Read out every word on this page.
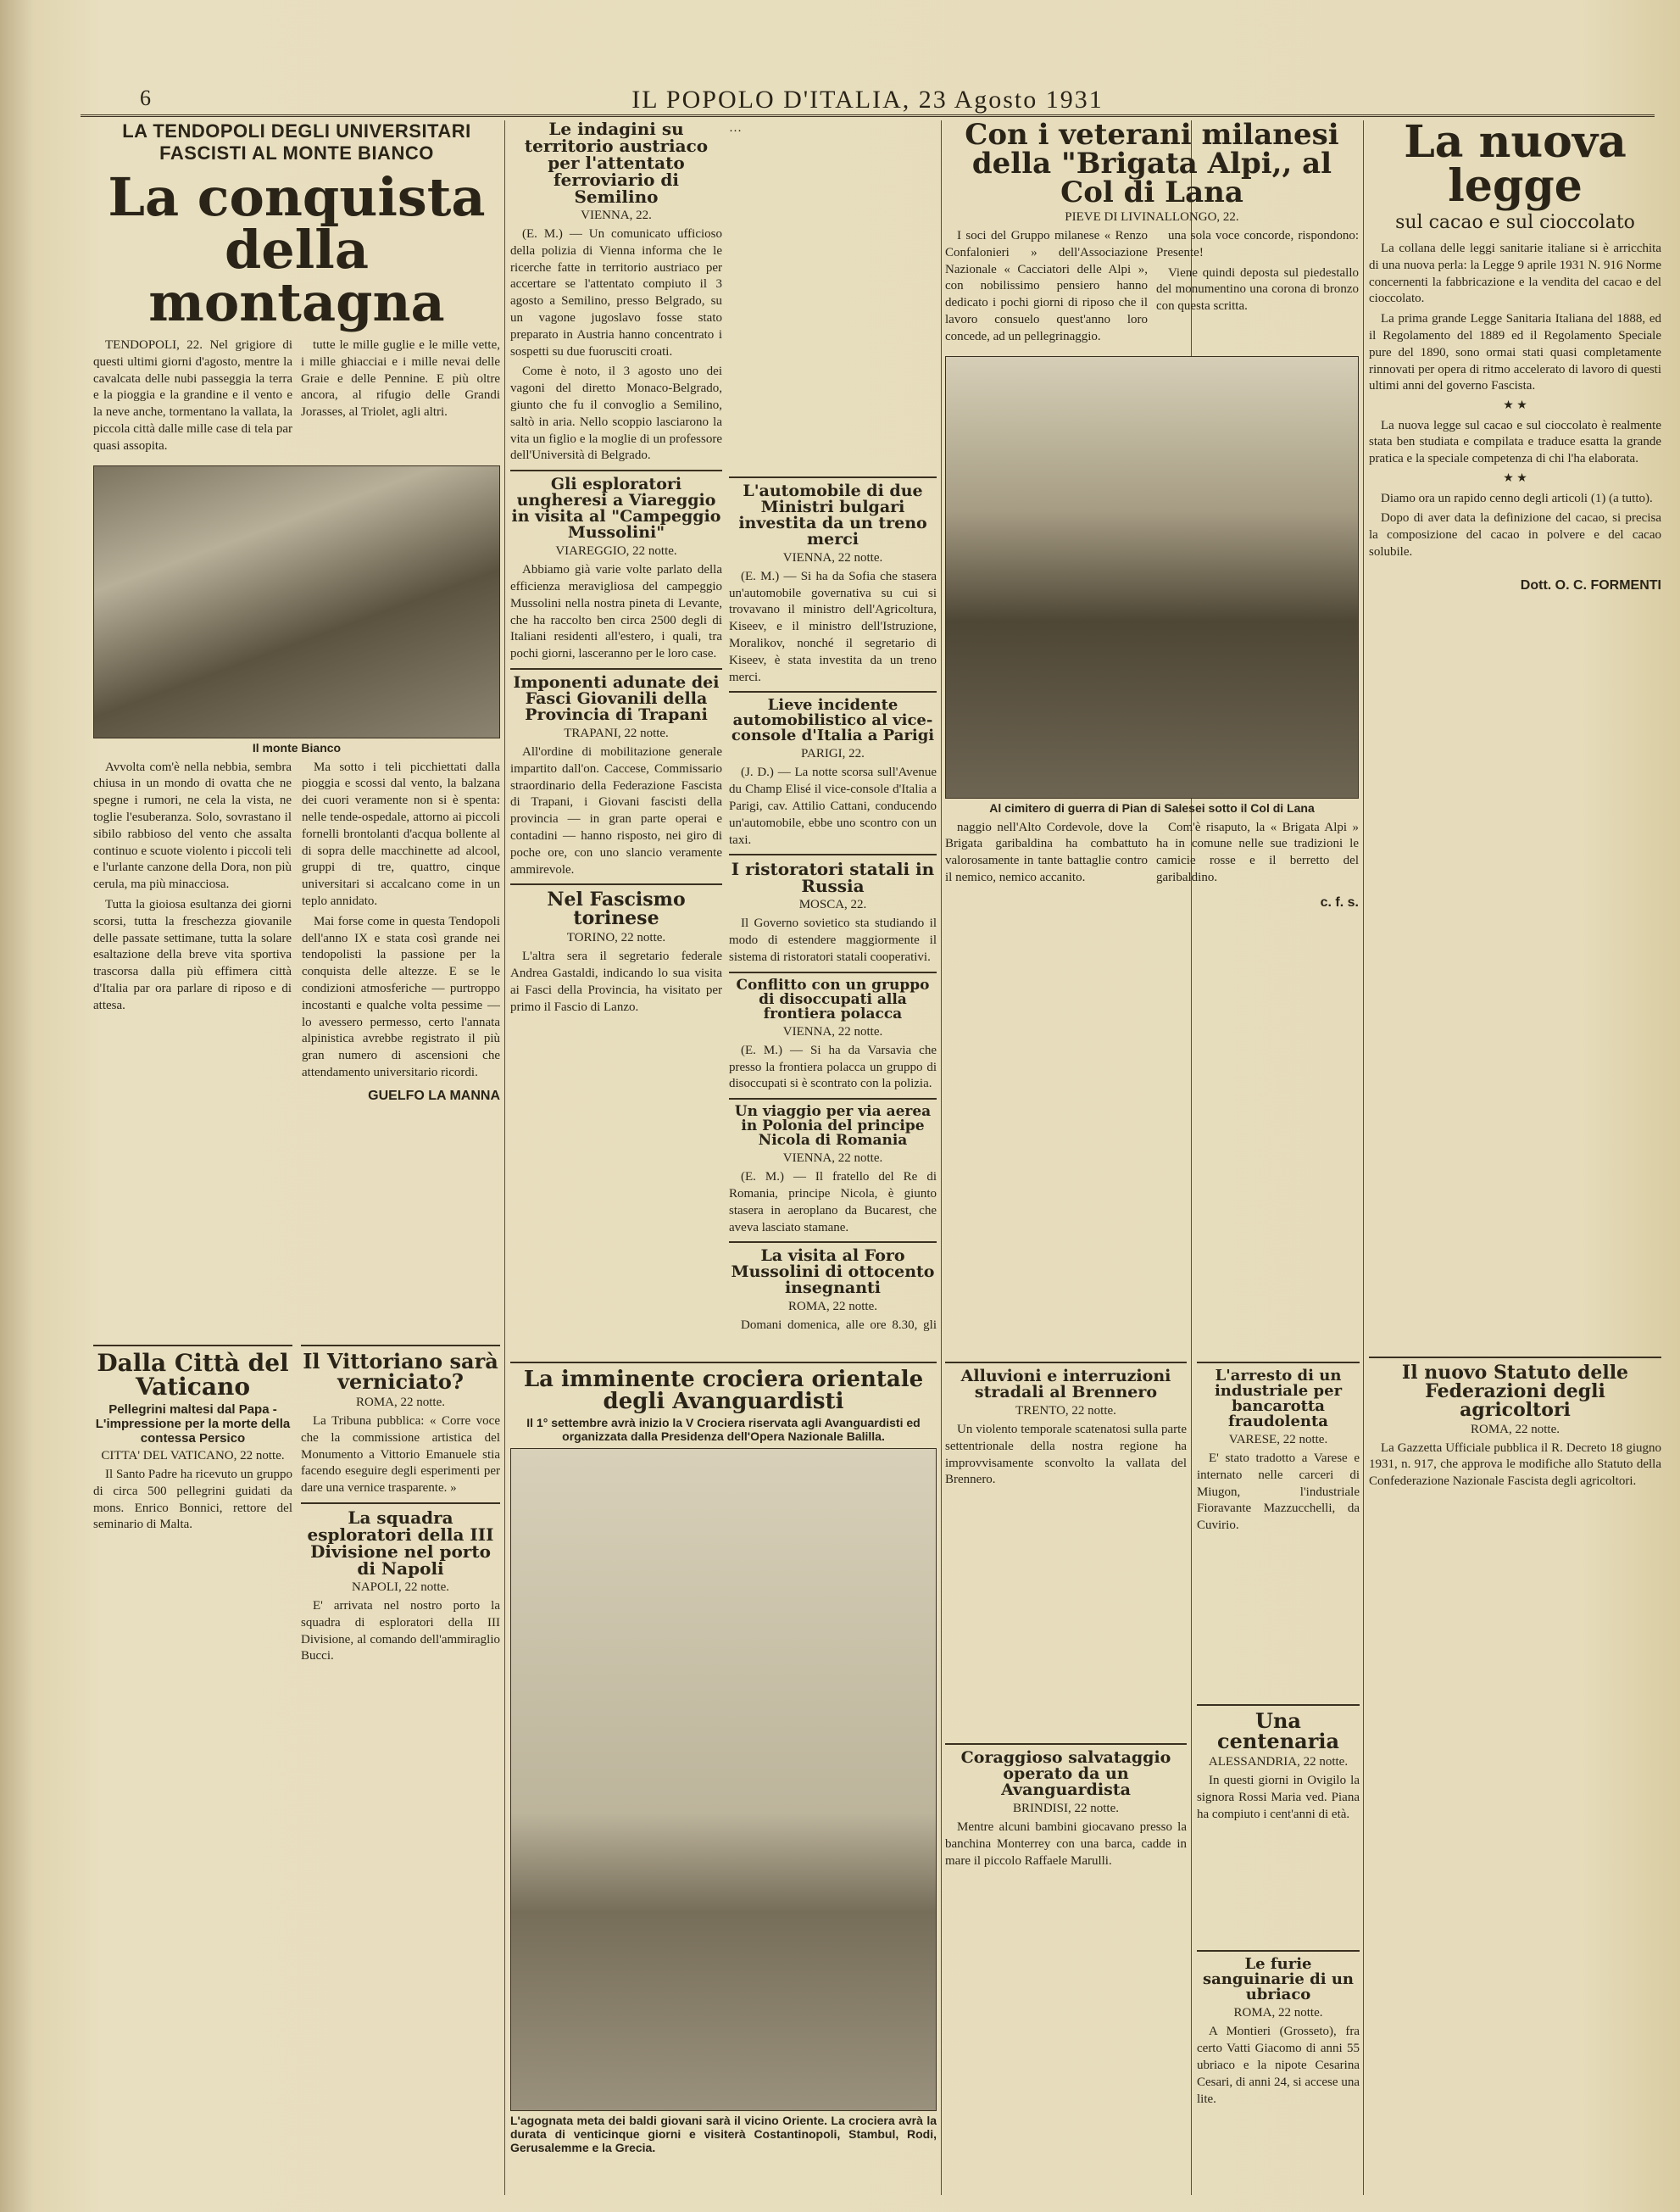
6	IL POPOLO D'ITALIA, 23 Agosto 1931
LA TENDOPOLI DEGLI UNIVERSITARI FASCISTI AL MONTE BIANCO
La conquista della montagna

TENDOPOLI, 22. Nel grigiore di questi ultimi giorni d'agosto, mentre la cavalcata delle nubi passeggia la terra e la pioggia e la grandine e il vento e la neve anche, tormentano la vallata, la piccola città dalle mille case di tela par quasi assopita.

tutte le mille guglie e le mille vette, i mille ghiacciai e i mille nevai delle Graie e delle Pennine. E più oltre ancora, al rifugio delle Grandi Jorasses, al Triolet, agli altri.

Il monte Bianco

Avvolta com'è nella nebbia, sembra chiusa in un mondo di ovatta che ne spegne i rumori, ne cela la vista, ne toglie l'esuberanza. Solo, sovrastano il sibilo rabbioso del vento che assalta continuo e scuote violento i piccoli teli e l'urlante canzone della Dora, non più cerula, ma più minacciosa.

Tutta la gioiosa esultanza dei giorni scorsi, tutta la freschezza giovanile delle passate settimane, tutta la solare esaltazione della breve vita sportiva trascorsa dalla più effimera città d'Italia par ora parlare di riposo e di attesa.

Ma sotto i teli picchiettati dalla pioggia e scossi dal vento, la balzana dei cuori veramente non si è spenta: nelle tende-ospedale, attorno ai piccoli fornelli brontolanti d'acqua bollente al di sopra delle macchinette ad alcool, gruppi di tre, quattro, cinque universitari si accalcano come in un teplo annidato.

Mai forse come in questa Tendopoli dell'anno IX e stata così grande nei tendopolisti la passione per la conquista delle altezze. E se le condizioni atmosferiche — purtroppo incostanti e qualche volta pessime — lo avessero permesso, certo l'annata alpinistica avrebbe registrato il più gran numero di ascensioni che attendamento universitario ricordi.

GUELFO LA MANNA
Dalla Città del Vaticano
Pellegrini maltesi dal Papa - L'impressione per la morte della contessa Persico
CITTA' DEL VATICANO, 22 notte.

Il Santo Padre ha ricevuto un gruppo di circa 500 pellegrini guidati da mons. Enrico Bonnici, rettore del seminario di Malta.

Il Vittoriano sarà verniciato?
ROMA, 22 notte.

La Tribuna pubblica: « Corre voce che la commissione artistica del Monumento a Vittorio Emanuele stia facendo eseguire degli esperimenti per dare una vernice trasparente. »

La squadra esploratori della III Divisione nel porto di Napoli
NAPOLI, 22 notte.

E' arrivata nel nostro porto la squadra di esploratori della III Divisione, al comando dell'ammiraglio Bucci.

Le indagini su territorio austriaco per l'attentato ferroviario di Semilino
VIENNA, 22.

(E. M.) — Un comunicato ufficioso della polizia di Vienna informa che le ricerche fatte in territorio austriaco per accertare se l'attentato compiuto il 3 agosto a Semilino, presso Belgrado, su un vagone jugoslavo fosse stato preparato in Austria hanno concentrato i sospetti su due fuorusciti croati.

Come è noto, il 3 agosto uno dei vagoni del diretto Monaco-Belgrado, giunto che fu il convoglio a Semilino, saltò in aria. Nello scoppio lasciarono la vita un figlio e la moglie di un professore dell'Università di Belgrado.

Gli esploratori ungheresi a Viareggio in visita al "Campeggio Mussolini"
VIAREGGIO, 22 notte.

Abbiamo già varie volte parlato della efficienza meravigliosa del campeggio Mussolini nella nostra pineta di Levante, che ha raccolto ben circa 2500 degli di Italiani residenti all'estero, i quali, tra pochi giorni, lasceranno per le loro case.

Imponenti adunate dei Fasci Giovanili della Provincia di Trapani
TRAPANI, 22 notte.

All'ordine di mobilitazione generale impartito dall'on. Caccese, Commissario straordinario della Federazione Fascista di Trapani, i Giovani fascisti della provincia — in gran parte operai e contadini — hanno risposto, nei giro di poche ore, con uno slancio veramente ammirevole.

Nel Fascismo torinese
TORINO, 22 notte.

L'altra sera il segretario federale Andrea Gastaldi, indicando lo sua visita ai Fasci della Provincia, ha visitato per primo il Fascio di Lanzo.

…

L'automobile di due Ministri bulgari investita da un treno merci
VIENNA, 22 notte.

(E. M.) — Si ha da Sofia che stasera un'automobile governativa su cui si trovavano il ministro dell'Agricoltura, Kiseev, e il ministro dell'Istruzione, Moralikov, nonché il segretario di Kiseev, è stata investita da un treno merci.

Lieve incidente automobilistico al vice-console d'Italia a Parigi
PARIGI, 22.

(J. D.) — La notte scorsa sull'Avenue du Champ Elisé il vice-console d'Italia a Parigi, cav. Attilio Cattani, conducendo un'automobile, ebbe uno scontro con un taxi.

I ristoratori statali in Russia
MOSCA, 22.

Il Governo sovietico sta studiando il modo di estendere maggiormente il sistema di ristoratori statali cooperativi.

Conflitto con un gruppo di disoccupati alla frontiera polacca
VIENNA, 22 notte.

(E. M.) — Si ha da Varsavia che presso la frontiera polacca un gruppo di disoccupati si è scontrato con la polizia.

Un viaggio per via aerea in Polonia del principe Nicola di Romania
VIENNA, 22 notte.

(E. M.) — Il fratello del Re di Romania, principe Nicola, è giunto stasera in aeroplano da Bucarest, che aveva lasciato stamane.

La visita al Foro Mussolini di ottocento insegnanti
ROMA, 22 notte.

Domani domenica, alle ore 8.30, gli

La imminente crociera orientale degli Avanguardisti
Il 1° settembre avrà inizio la V Crociera riservata agli Avanguardisti ed organizzata dalla Presidenza dell'Opera Nazionale Balilla.
L'agognata meta dei baldi giovani sarà il vicino Oriente. La crociera avrà la durata di venticinque giorni e visiterà Costantinopoli, Stambul, Rodi, Gerusalemme e la Grecia.
Con i veterani milanesi della "Brigata Alpi,, al Col di Lana
PIEVE DI LIVINALLONGO, 22.

I soci del Gruppo milanese « Renzo Confalonieri » dell'Associazione Nazionale « Cacciatori delle Alpi », con nobilissimo pensiero hanno dedicato i pochi giorni di riposo che il lavoro consuelo quest'anno loro concede, ad un pellegrinaggio.

una sola voce concorde, rispondono: Presente!

Viene quindi deposta sul piedestallo del monumentino una corona di bronzo con questa scritta.

Al cimitero di guerra di Pian di Salesei sotto il Col di Lana

naggio nell'Alto Cordevole, dove la Brigata garibaldina ha combattuto valorosamente in tante battaglie contro il nemico, nemico accanito.

Com'è risaputo, la « Brigata Alpi » ha in comune nelle sue tradizioni le camicie rosse e il berretto del garibaldino.

c. f. s.
Alluvioni e interruzioni stradali al Brennero
TRENTO, 22 notte.

Un violento temporale scatenatosi sulla parte settentrionale della nostra regione ha improvvisamente sconvolto la vallata del Brennero.

Coraggioso salvataggio operato da un Avanguardista
BRINDISI, 22 notte.

Mentre alcuni bambini giocavano presso la banchina Monterrey con una barca, cadde in mare il piccolo Raffaele Marulli.

L'arresto di un industriale per bancarotta fraudolenta
VARESE, 22 notte.

E' stato tradotto a Varese e internato nelle carceri di Miugon, l'industriale Fioravante Mazzucchelli, da Cuvirio.

Una centenaria
ALESSANDRIA, 22 notte.

In questi giorni in Ovigilo la signora Rossi Maria ved. Piana ha compiuto i cent'anni di età.

Le furie sanguinarie di un ubriaco
ROMA, 22 notte.

A Montieri (Grosseto), fra certo Vatti Giacomo di anni 55 ubriaco e la nipote Cesarina Cesari, di anni 24, si accese una lite.

La nuova legge
sul cacao e sul cioccolato

La collana delle leggi sanitarie italiane si è arricchita di una nuova perla: la Legge 9 aprile 1931 N. 916 Norme concernenti la fabbricazione e la vendita del cacao e del cioccolato.

La prima grande Legge Sanitaria Italiana del 1888, ed il Regolamento del 1889 ed il Regolamento Speciale pure del 1890, sono ormai stati quasi completamente rinnovati per opera di ritmo accelerato di lavoro di questi ultimi anni del governo Fascista.

★ ★

La nuova legge sul cacao e sul cioccolato è realmente stata ben studiata e compilata e traduce esatta la grande pratica e la speciale competenza di chi l'ha elaborata.

★ ★

Diamo ora un rapido cenno degli articoli (1) (a tutto).

Dopo di aver data la definizione del cacao, si precisa la composizione del cacao in polvere e del cacao solubile.

Dott. O. C. FORMENTI
Il nuovo Statuto delle Federazioni degli agricoltori
ROMA, 22 notte.

La Gazzetta Ufficiale pubblica il R. Decreto 18 giugno 1931, n. 917, che approva le modifiche allo Statuto della Confederazione Nazionale Fascista degli agricoltori.
